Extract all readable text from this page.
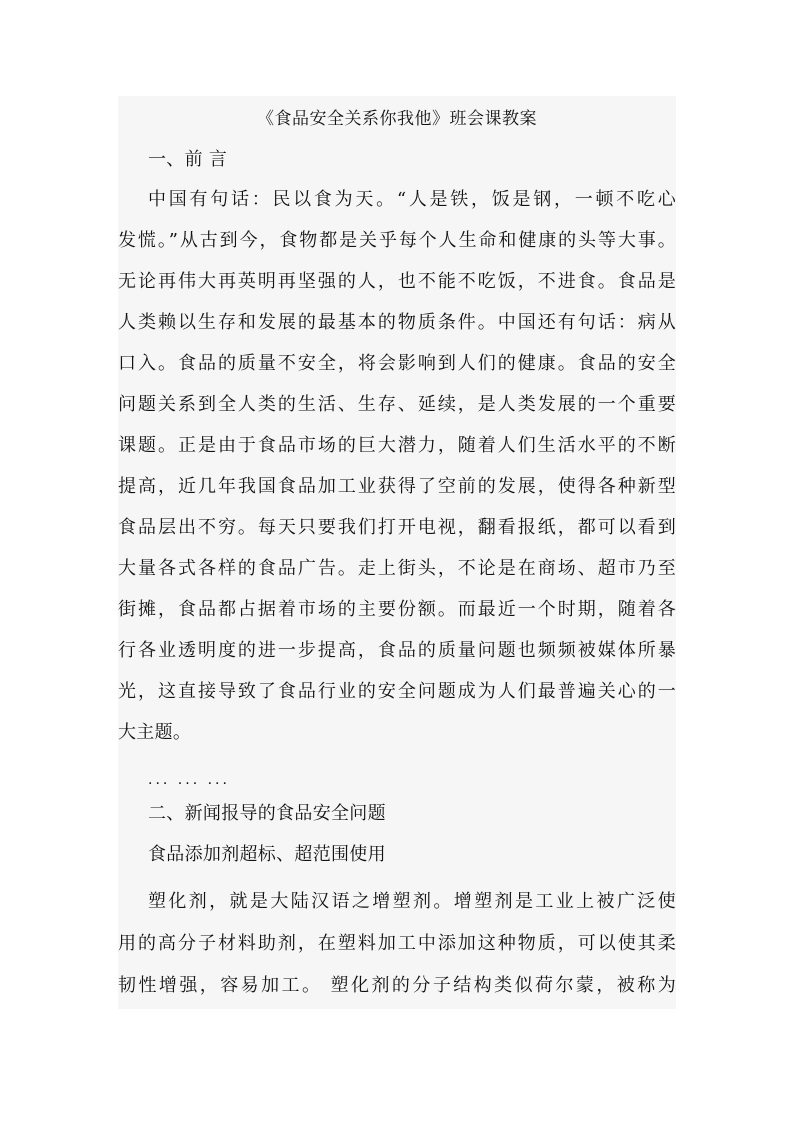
《食品安全关系你我他》班会课教案
一、前 言
中国有句话：民以食为天。“人是铁，饭是钢，一顿不吃心
发慌。”从古到今，食物都是关乎每个人生命和健康的头等大事。
无论再伟大再英明再坚强的人，也不能不吃饭，不进食。食品是
人类赖以生存和发展的最基本的物质条件。中国还有句话：病从
口入。食品的质量不安全，将会影响到人们的健康。食品的安全
问题关系到全人类的生活、生存、延续，是人类发展的一个重要
课题。正是由于食品市场的巨大潜力，随着人们生活水平的不断
提高，近几年我国食品加工业获得了空前的发展，使得各种新型
食品层出不穷。每天只要我们打开电视，翻看报纸，都可以看到
大量各式各样的食品广告。走上街头，不论是在商场、超市乃至
街摊，食品都占据着市场的主要份额。而最近一个时期，随着各
行各业透明度的进一步提高，食品的质量问题也频频被媒体所暴
光，这直接导致了食品行业的安全问题成为人们最普遍关心的一
大主题。
... ... ...
二、新闻报导的食品安全问题
食品添加剂超标、超范围使用
塑化剂，就是大陆汉语之增塑剂。增塑剂是工业上被广泛使
用的高分子材料助剂，在塑料加工中添加这种物质，可以使其柔
韧性增强，容易加工。 塑化剂的分子结构类似荷尔蒙，被称为
